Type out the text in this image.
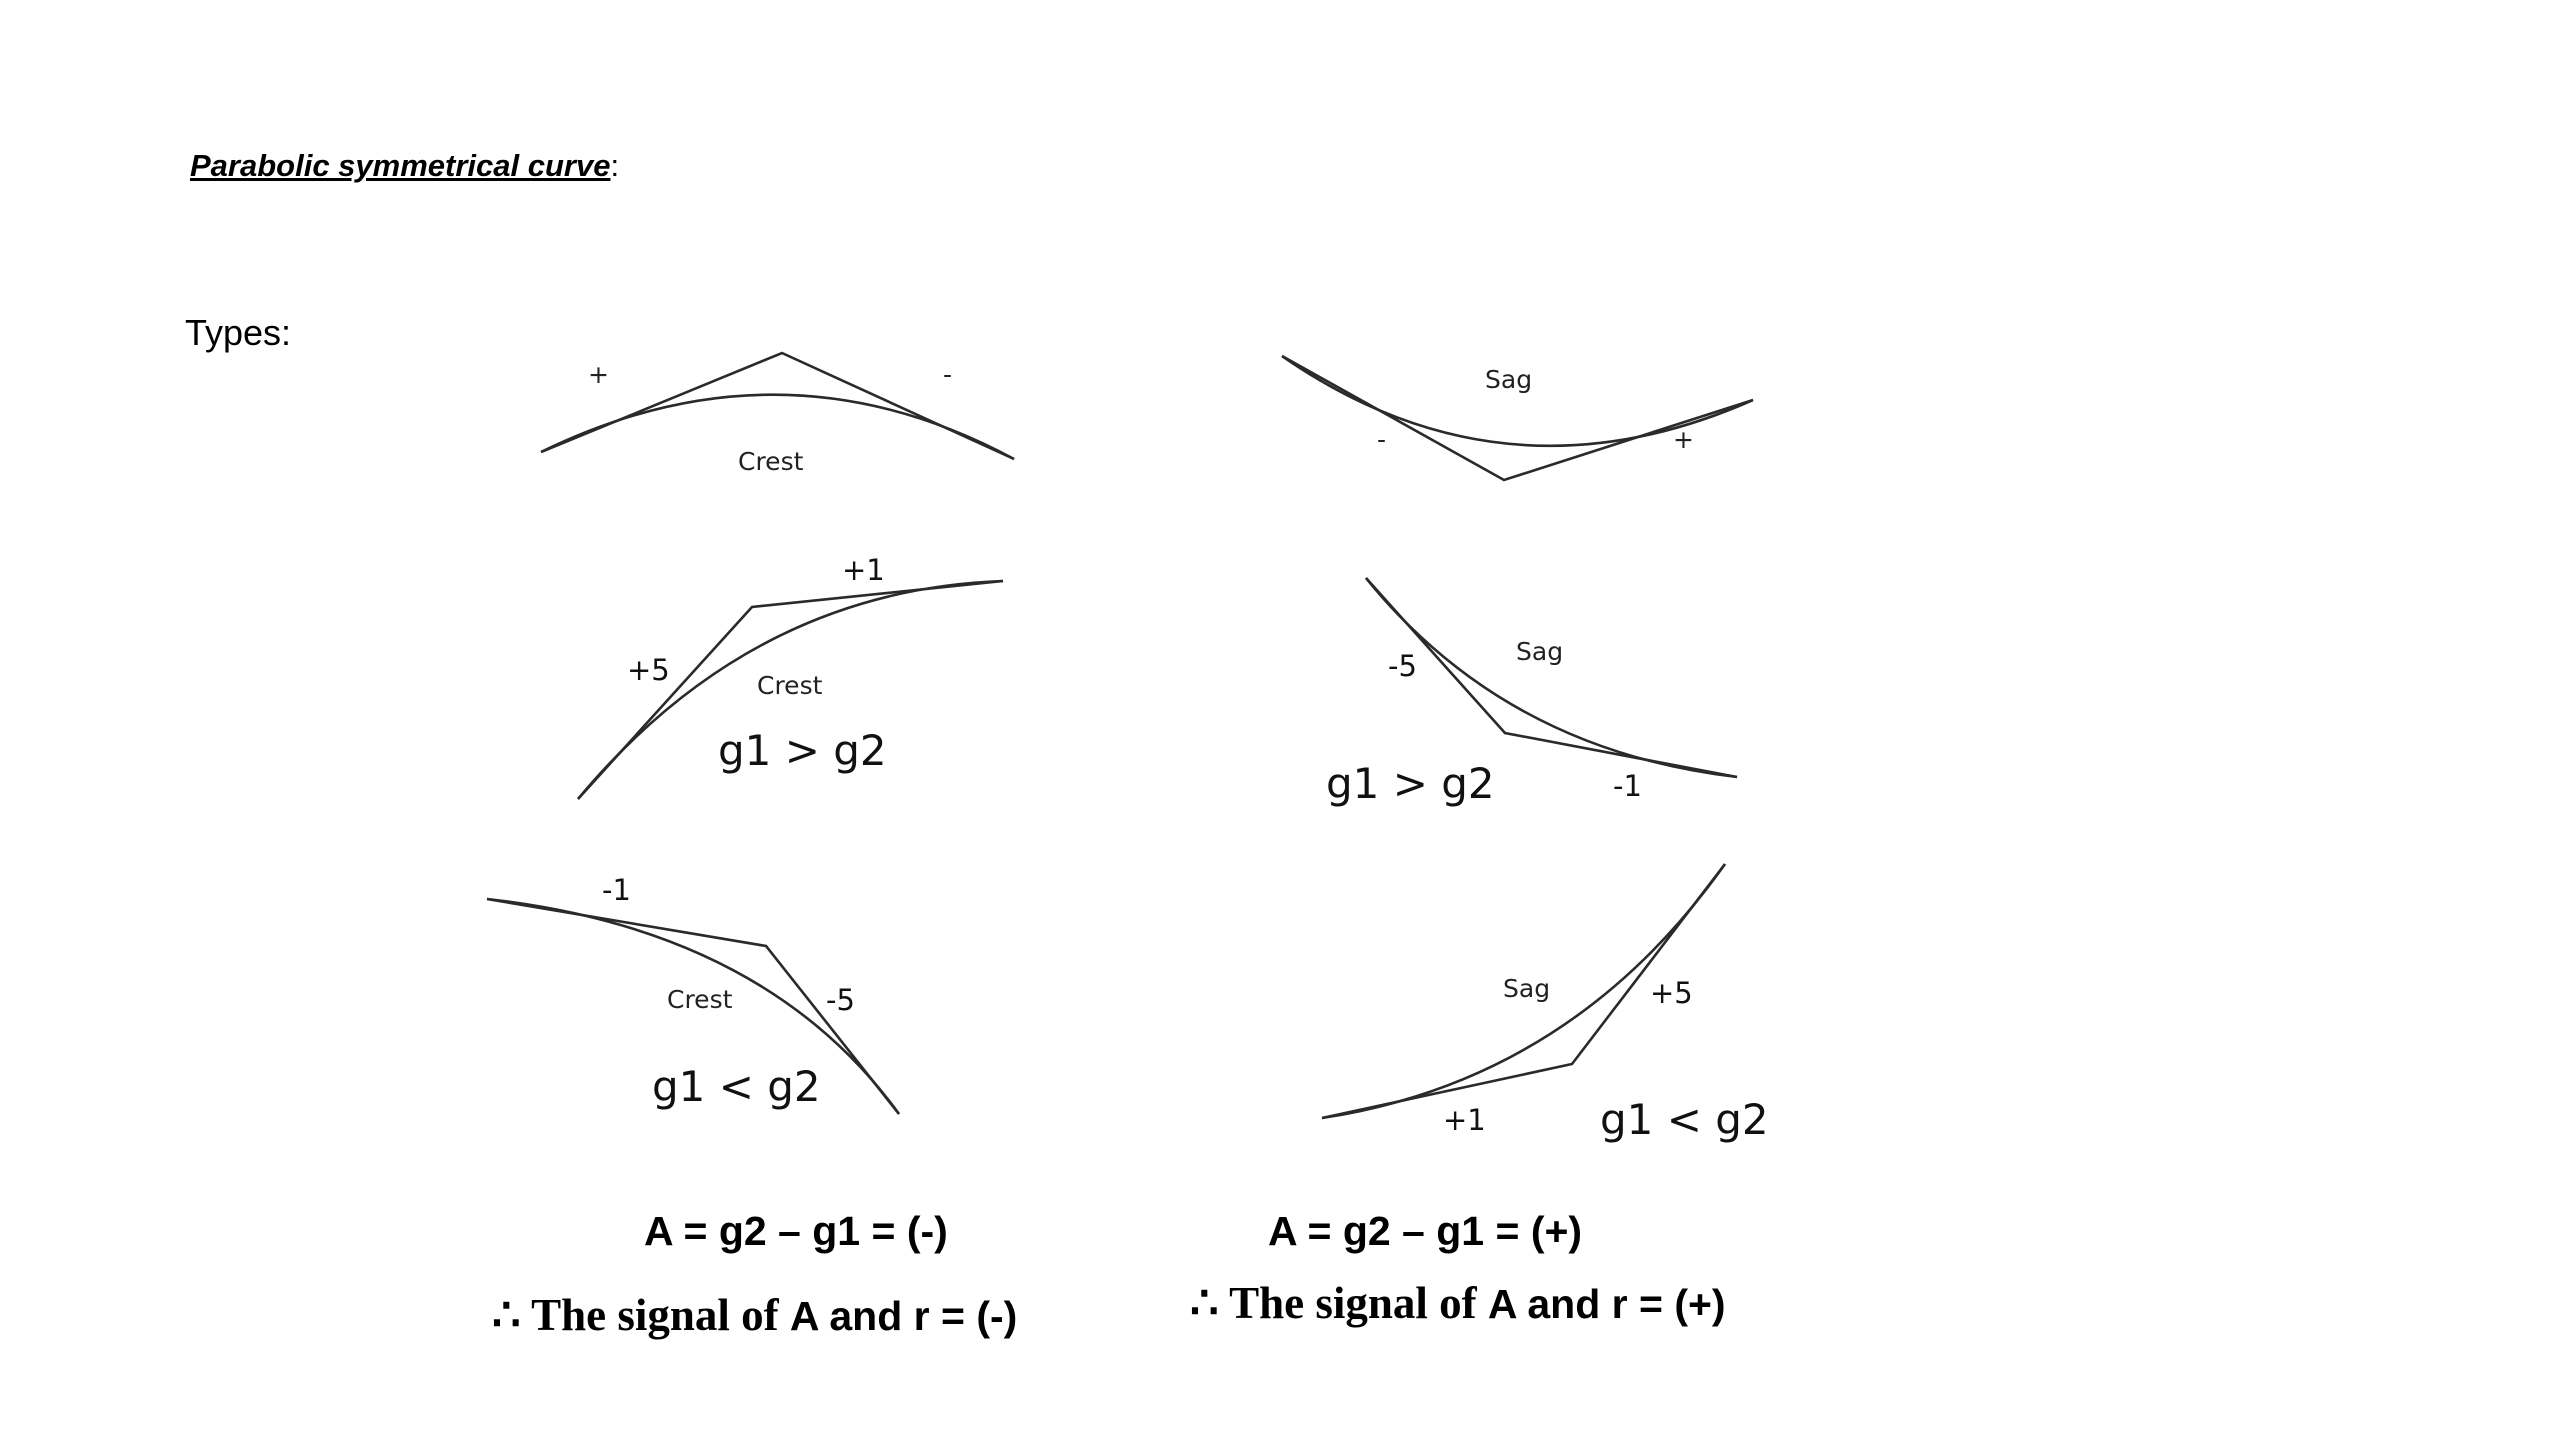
Parabolic symmetrical curve:
Types:
+	-
Crest
Sag
-	+
+1
+5	Crest
g1 > g2
-5	Sag
g1 > g2	-1
-1
Crest	-5
g1 < g2
Sag	+5
+1	g1 < g2
A = g2 – g1 = (-)	A = g2 – g1 = (+)
∴ The signal of A and r = (-)	∴ The signal of A and r = (+)
